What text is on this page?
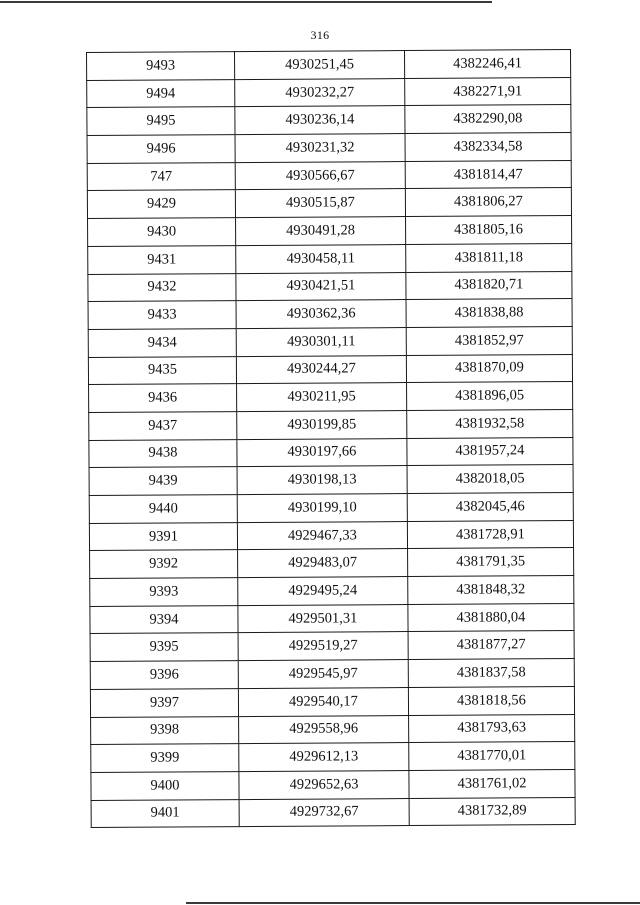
316
9493	4930251,45	4382246,41
9494	4930232,27	4382271,91
9495	4930236,14	4382290,08
9496	4930231,32	4382334,58
747	4930566,67	4381814,47
9429	4930515,87	4381806,27
9430	4930491,28	4381805,16
9431	4930458,11	4381811,18
9432	4930421,51	4381820,71
9433	4930362,36	4381838,88
9434	4930301,11	4381852,97
9435	4930244,27	4381870,09
9436	4930211,95	4381896,05
9437	4930199,85	4381932,58
9438	4930197,66	4381957,24
9439	4930198,13	4382018,05
9440	4930199,10	4382045,46
9391	4929467,33	4381728,91
9392	4929483,07	4381791,35
9393	4929495,24	4381848,32
9394	4929501,31	4381880,04
9395	4929519,27	4381877,27
9396	4929545,97	4381837,58
9397	4929540,17	4381818,56
9398	4929558,96	4381793,63
9399	4929612,13	4381770,01
9400	4929652,63	4381761,02
9401	4929732,67	4381732,89
